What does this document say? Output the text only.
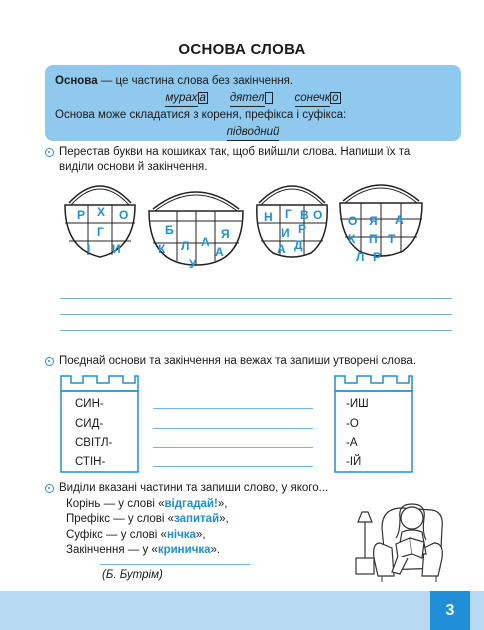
ОСНОВА СЛОВА
Основа — це частина слова без закінчення.
мурах а дятел	сонечк о
Основа може складатися з кореня, префікса і суфікса:
підводний
Перестав букви на кошиках так, щоб вийшли слова. Напиши їх та
виділи основи й закінчення.
Р Х О
Г
І И
Б	Я
К Л А
У
А
Н Г В О
И Р
А Д
О Я А
К П Т
Л Р
Поєднай основи та закінчення на вежах та запиши утворені слова.
СИН-
СИД-
СВІТЛ-
СТІН-
-ИШ
-О
-А
-ІЙ
Виділи вказані частини та запиши слово, у якого...
Корінь — у слові «відгадай!»,
Префікс — у слові «запитай»,
Суфікс — у слові «нічка»,
Закінчення — у «криничка».
(Б. Бутрім)
3
